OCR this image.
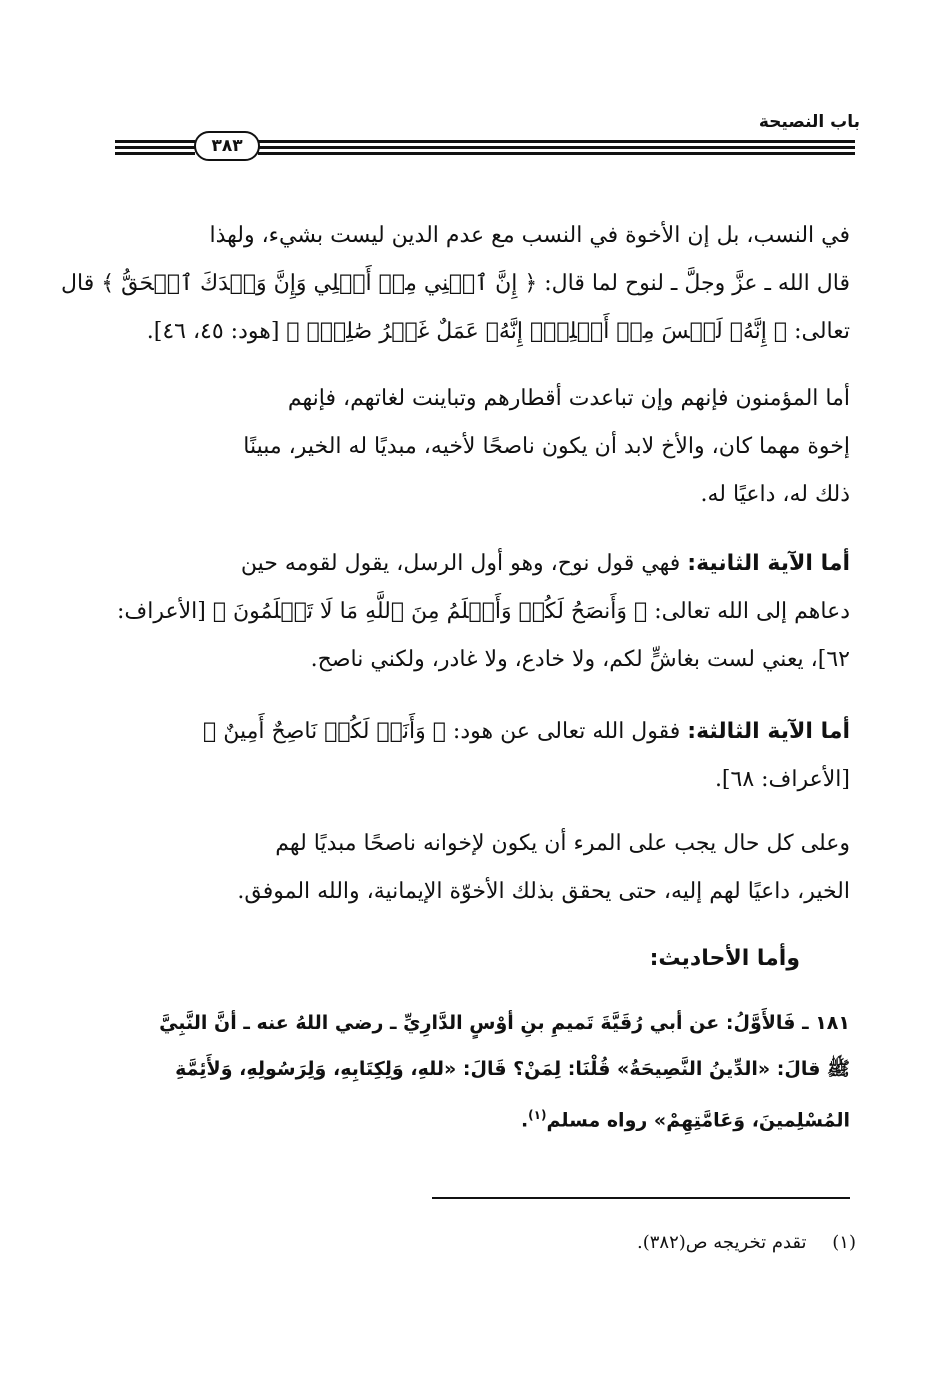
باب النصيحة
٣٨٣
في النسب، بل إن الأخوة في النسب مع عدم الدين ليست بشيء، ولهذا
قال الله ـ عزَّ وجلَّ ـ لنوح لما قال: ﴿ إِنَّ ٱبۡنِي مِنۡ أَهۡلِي وَإِنَّ وَعۡدَكَ ٱلۡحَقُّ ﴾ قال
تعالى: ﴿ إِنَّهُۥ لَيۡسَ مِنۡ أَهۡلِكَۖ إِنَّهُۥ عَمَلٌ غَيۡرُ صَٰلِحٖۖ ﴾ [هود: ٤٥، ٤٦].
أما المؤمنون فإنهم وإن تباعدت أقطارهم وتباينت لغاتهم، فإنهم
إخوة مهما كان، والأخ لابد أن يكون ناصحًا لأخيه، مبديًا له الخير، مبينًا
ذلك له، داعيًا له.
أما الآية الثانية: فهي قول نوح، وهو أول الرسل، يقول لقومه حين
دعاهم إلى الله تعالى: ﴿ وَأَنصَحُ لَكُمۡ وَأَعۡلَمُ مِنَ ٱللَّهِ مَا لَا تَعۡلَمُونَ ﴾ [الأعراف:
٦٢]، يعني لست بغاشٍّ لكم، ولا خادع، ولا غادر، ولكني ناصح.
أما الآية الثالثة: فقول الله تعالى عن هود: ﴿ وَأَنَا۠ لَكُمۡ نَاصِحٌ أَمِينٌ ﴾
[الأعراف: ٦٨].
وعلى كل حال يجب على المرء أن يكون لإخوانه ناصحًا مبديًا لهم
الخير، داعيًا لهم إليه، حتى يحقق بذلك الأخوّة الإيمانية، والله الموفق.
وأما الأحاديث:
١٨١ ـ فَالأَوَّلُ: عن أبي رُقَيَّةَ تَميمِ بنِ أوْسٍ الدَّارِيِّ ـ رضي اللهُ عنه ـ أنَّ النَّبِيَّ
ﷺ قالَ: «الدِّينُ النَّصِيحَةُ» قُلْنَا: لِمَنْ؟ قَالَ: «للهِ، وَلِكِتَابِهِ، وَلِرَسُولِهِ، وَلأَئِمَّةِ
المُسْلِمينَ، وَعَامَّتِهِمْ» رواه مسلم$^{(١)}$.
(١) تقدم تخريجه ص(٣٨٢).
